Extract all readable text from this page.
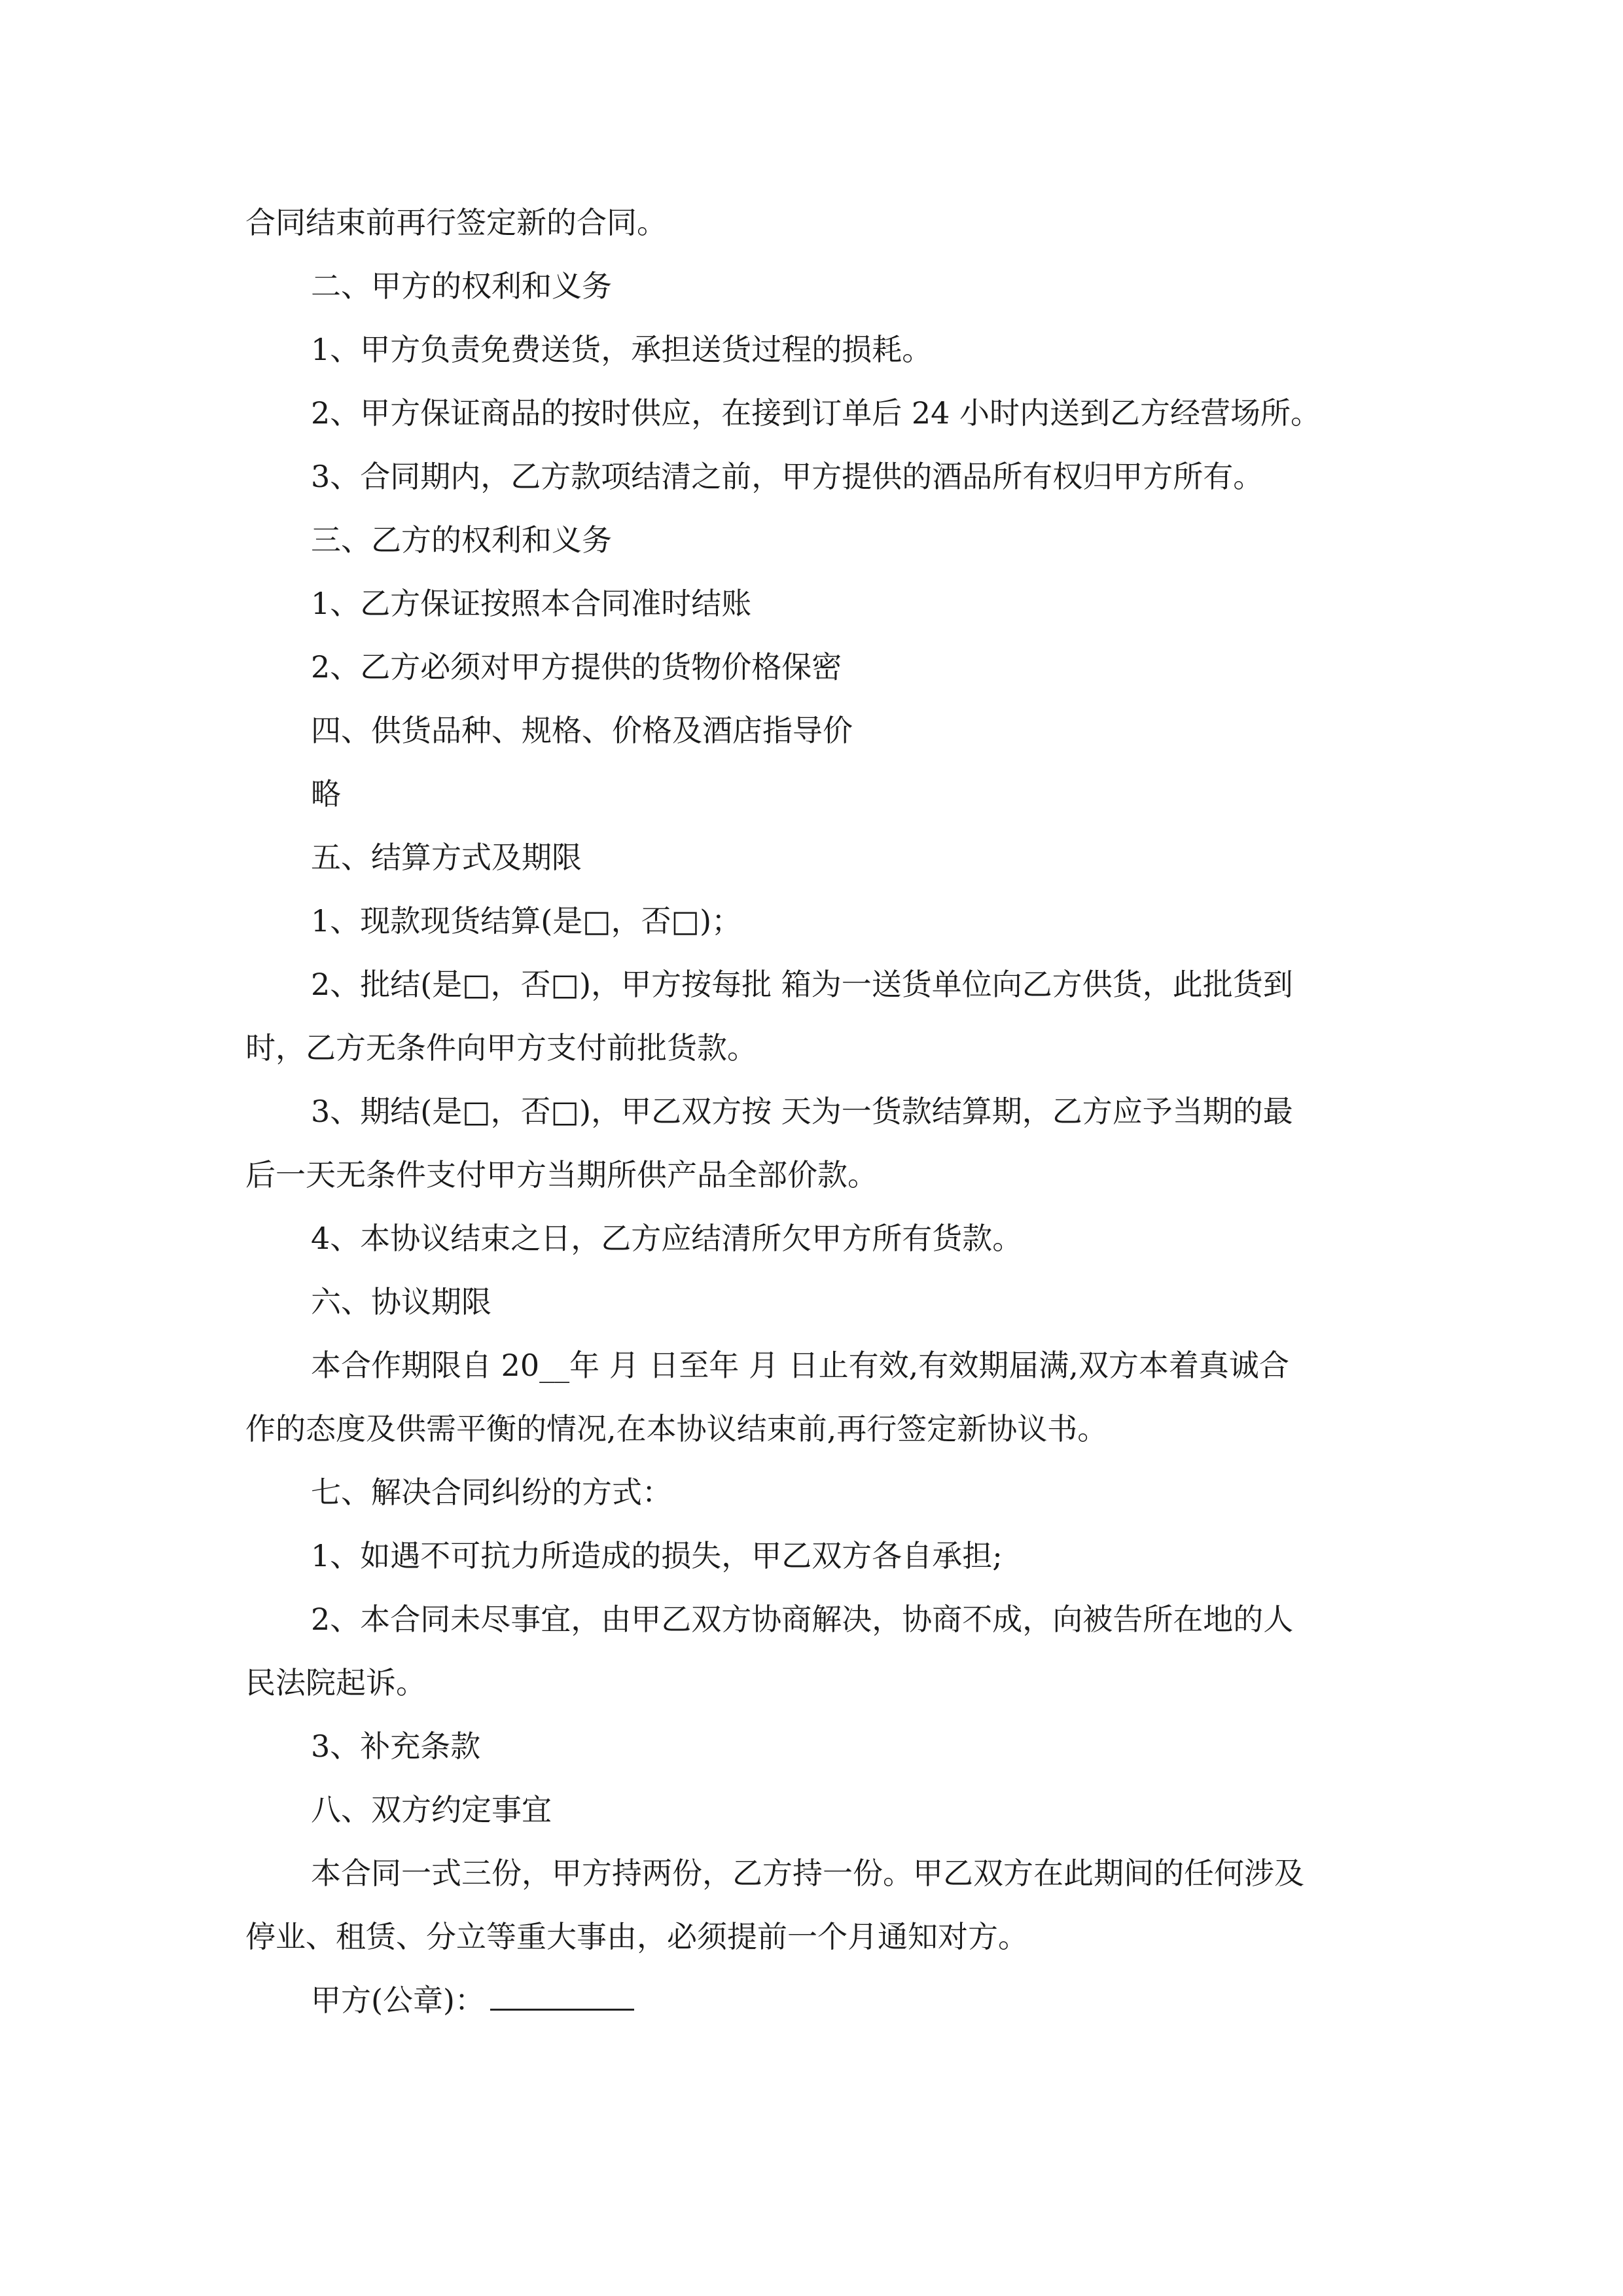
合同结束前再行签定新的合同。
二、甲方的权利和义务
1、甲方负责免费送货，承担送货过程的损耗。
2、甲方保证商品的按时供应，在接到订单后 24 小时内送到乙方经营场所。
3、合同期内，乙方款项结清之前，甲方提供的酒品所有权归甲方所有。
三、乙方的权利和义务
1、乙方保证按照本合同准时结账
2、乙方必须对甲方提供的货物价格保密
四、供货品种、规格、价格及酒店指导价
略
五、结算方式及期限
1、现款现货结算(是□，否□)；
2、批结(是□，否□)，甲方按每批 箱为一送货单位向乙方供货，此批货到
时，乙方无条件向甲方支付前批货款。
3、期结(是□，否□)，甲乙双方按 天为一货款结算期，乙方应予当期的最
后一天无条件支付甲方当期所供产品全部价款。
4、本协议结束之日，乙方应结清所欠甲方所有货款。
六、协议期限
本合作期限自 20__年 月 日至年 月 日止有效,有效期届满,双方本着真诚合
作的态度及供需平衡的情况,在本协议结束前,再行签定新协议书。
七、解决合同纠纷的方式：
1、如遇不可抗力所造成的损失，甲乙双方各自承担;
2、本合同未尽事宜，由甲乙双方协商解决，协商不成，向被告所在地的人
民法院起诉。
3、补充条款
八、双方约定事宜
本合同一式三份，甲方持两份，乙方持一份。甲乙双方在此期间的任何涉及
停业、租赁、分立等重大事由，必须提前一个月通知对方。
甲方(公章)：
